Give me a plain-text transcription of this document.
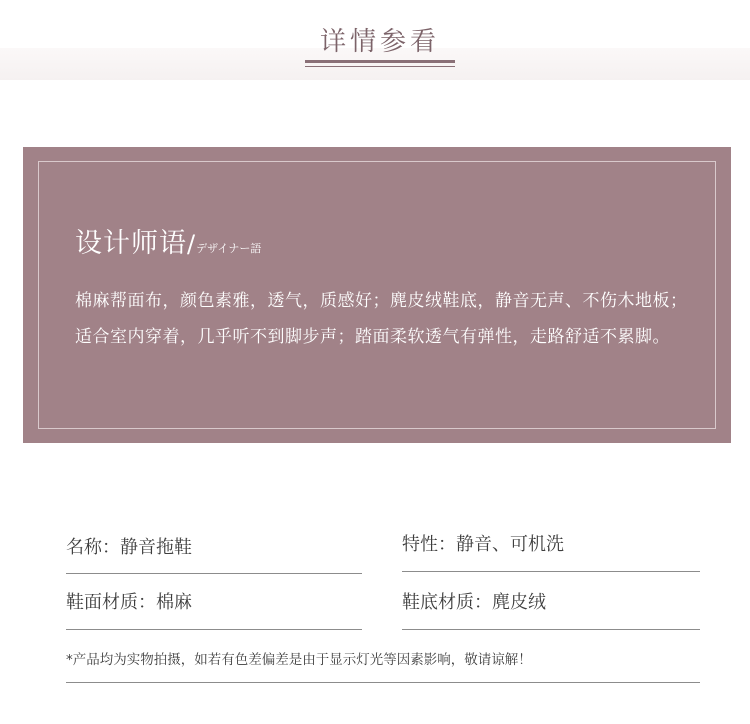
详情参看
设计师语/デザイナー語
棉麻帮面布，颜色素雅，透气，质感好；麂皮绒鞋底，静音无声、不伤木地板；适合室内穿着，几乎听不到脚步声；踏面柔软透气有弹性，走路舒适不累脚。
名称：静音拖鞋	特性：静音、可机洗
鞋面材质：棉麻	鞋底材质：麂皮绒
*产品均为实物拍摄，如若有色差偏差是由于显示灯光等因素影响，敬请谅解！
